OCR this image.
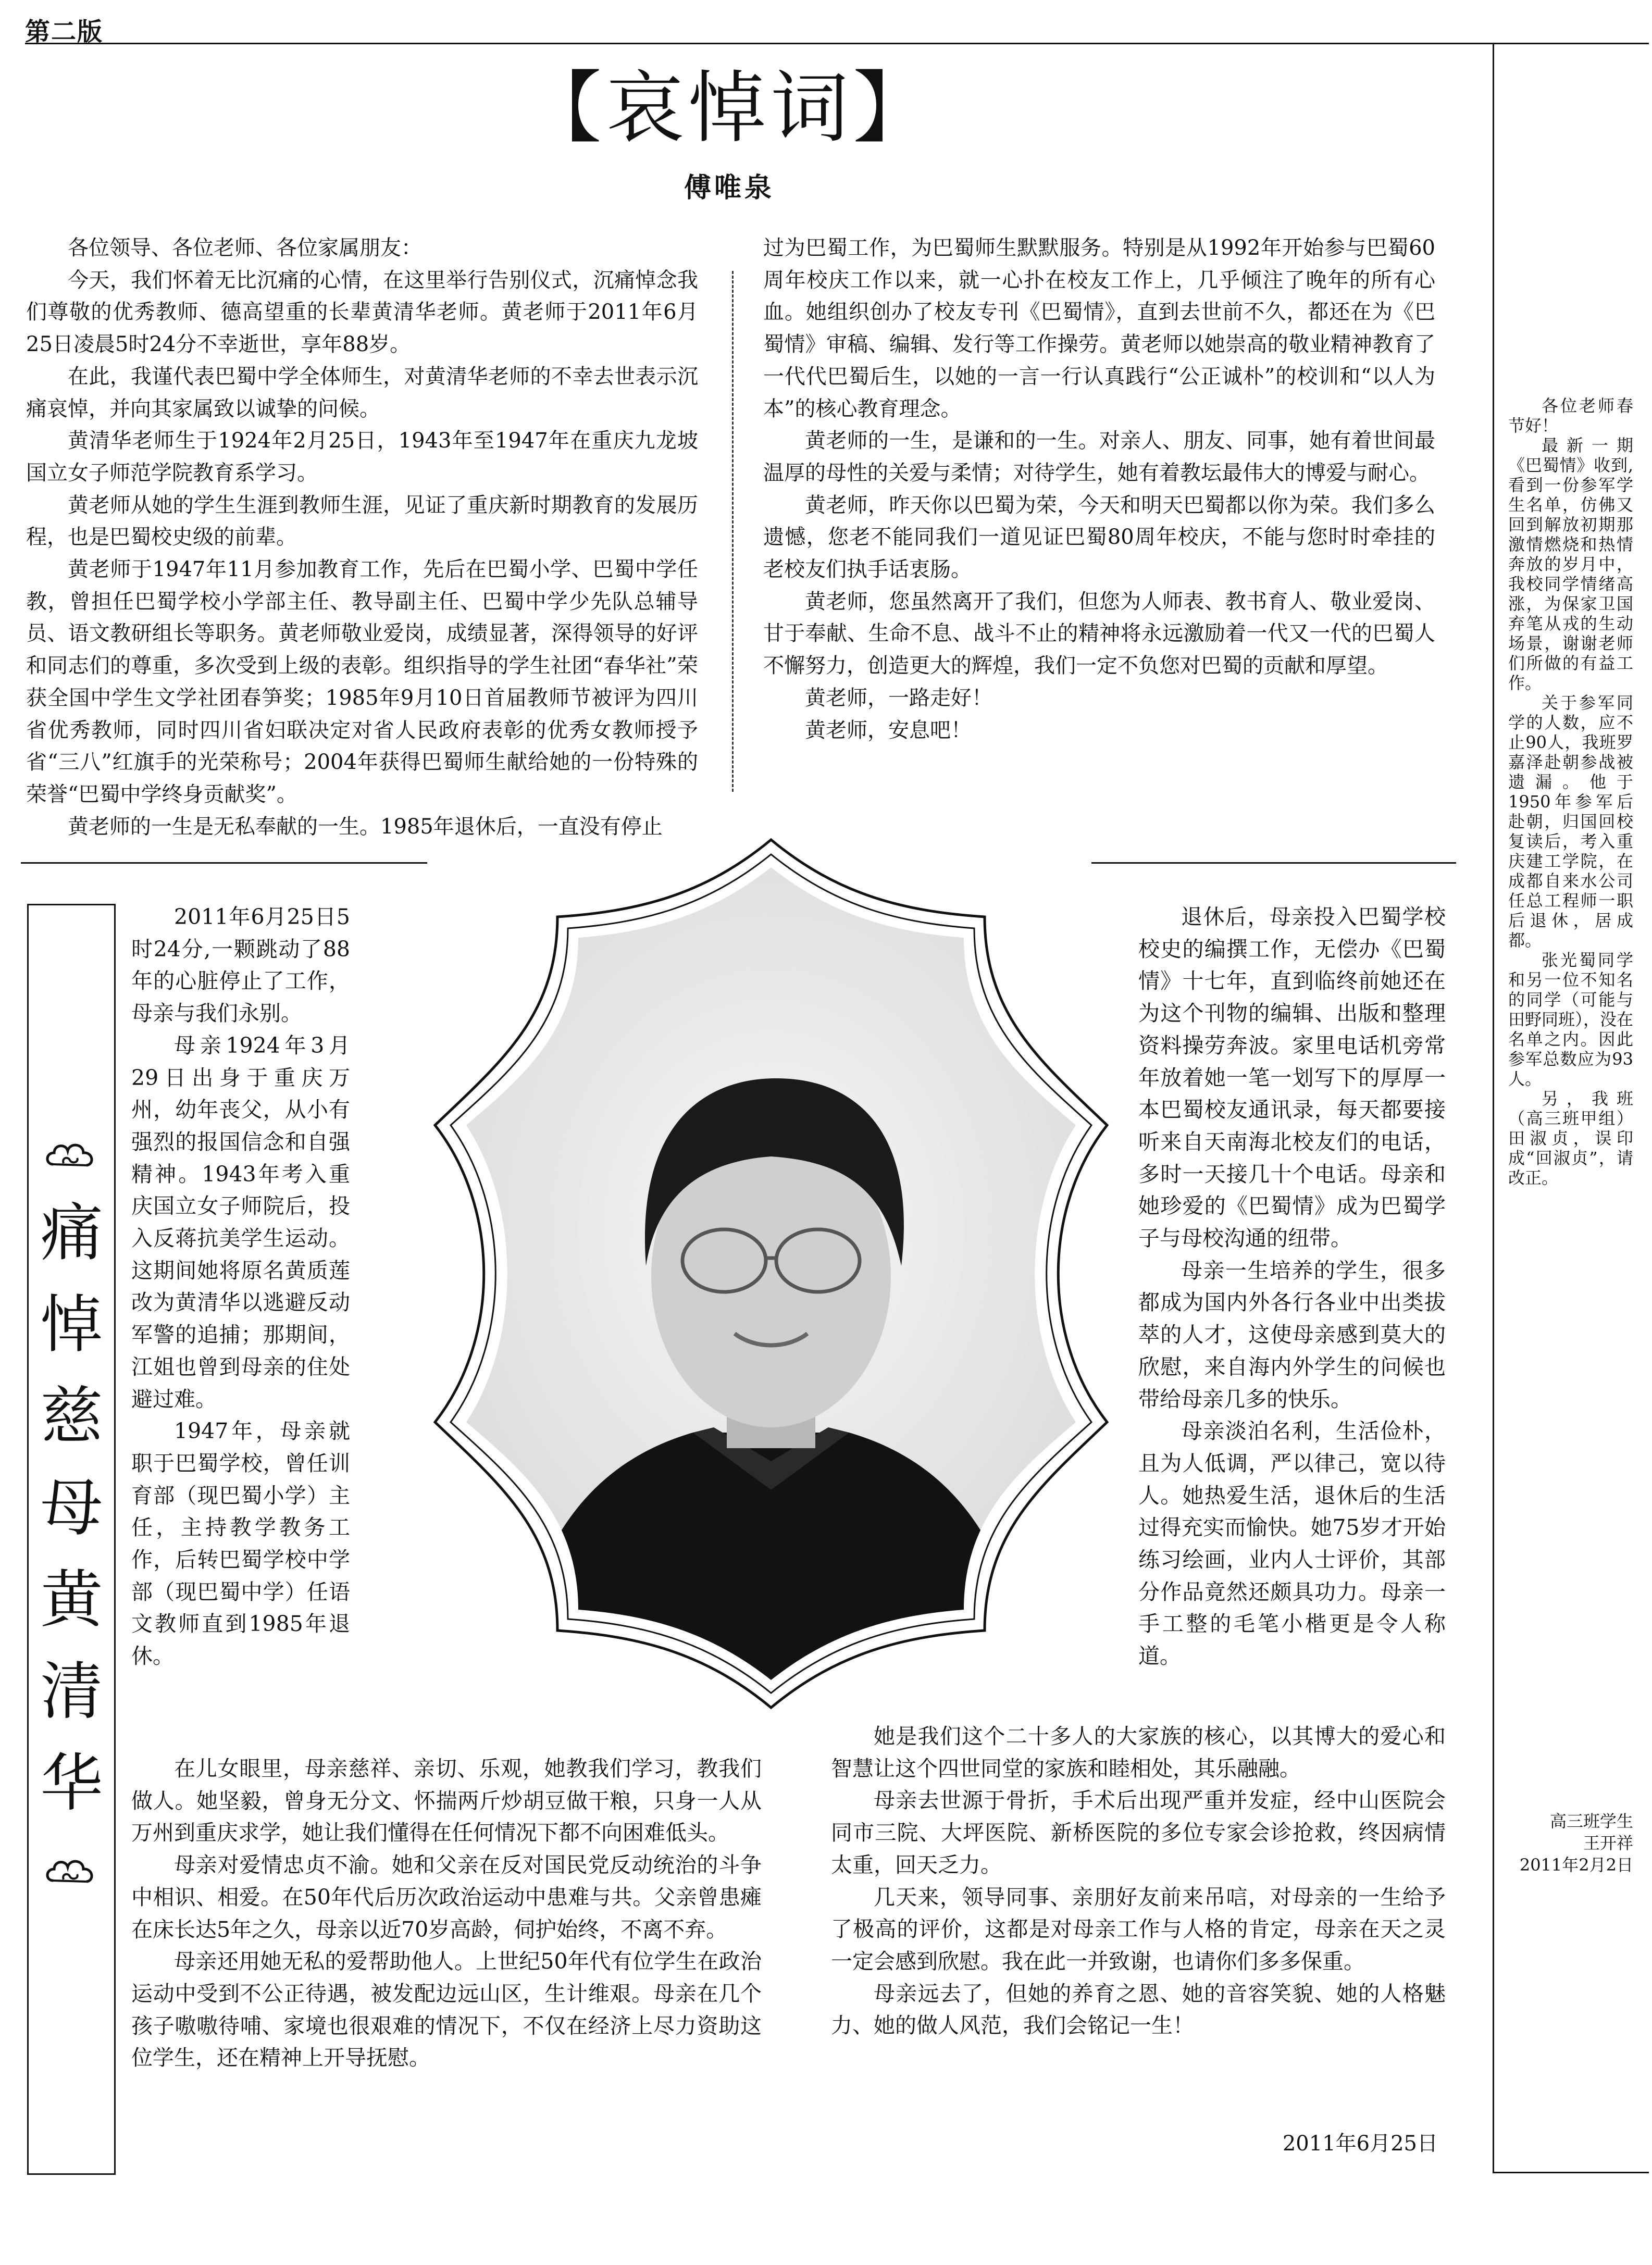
第二版
【哀悼词】
傅唯泉

各位领导、各位老师、各位家属朋友：

今天，我们怀着无比沉痛的心情，在这里举行告别仪式，沉痛悼念我们尊敬的优秀教师、德高望重的长辈黄清华老师。黄老师于2011年6月25日凌晨5时24分不幸逝世，享年88岁。

在此，我谨代表巴蜀中学全体师生，对黄清华老师的不幸去世表示沉痛哀悼，并向其家属致以诚挚的问候。

黄清华老师生于1924年2月25日，1943年至1947年在重庆九龙坡国立女子师范学院教育系学习。

黄老师从她的学生生涯到教师生涯，见证了重庆新时期教育的发展历程，也是巴蜀校史级的前辈。

黄老师于1947年11月参加教育工作，先后在巴蜀小学、巴蜀中学任教，曾担任巴蜀学校小学部主任、教导副主任、巴蜀中学少先队总辅导员、语文教研组长等职务。黄老师敬业爱岗，成绩显著，深得领导的好评和同志们的尊重，多次受到上级的表彰。组织指导的学生社团“春华社”荣获全国中学生文学社团春笋奖；1985年9月10日首届教师节被评为四川省优秀教师，同时四川省妇联决定对省人民政府表彰的优秀女教师授予省“三八”红旗手的光荣称号；2004年获得巴蜀师生献给她的一份特殊的荣誉“巴蜀中学终身贡献奖”。

黄老师的一生是无私奉献的一生。1985年退休后，一直没有停止

过为巴蜀工作，为巴蜀师生默默服务。特别是从1992年开始参与巴蜀60周年校庆工作以来，就一心扑在校友工作上，几乎倾注了晚年的所有心血。她组织创办了校友专刊《巴蜀情》，直到去世前不久，都还在为《巴蜀情》审稿、编辑、发行等工作操劳。黄老师以她崇高的敬业精神教育了一代代巴蜀后生，以她的一言一行认真践行“公正诚朴”的校训和“以人为本”的核心教育理念。

黄老师的一生，是谦和的一生。对亲人、朋友、同事，她有着世间最温厚的母性的关爱与柔情；对待学生，她有着教坛最伟大的博爱与耐心。

黄老师，昨天你以巴蜀为荣，今天和明天巴蜀都以你为荣。我们多么遗憾，您老不能同我们一道见证巴蜀80周年校庆，不能与您时时牵挂的老校友们执手话衷肠。

黄老师，您虽然离开了我们，但您为人师表、教书育人、敬业爱岗、甘于奉献、生命不息、战斗不止的精神将永远激励着一代又一代的巴蜀人不懈努力，创造更大的辉煌，我们一定不负您对巴蜀的贡献和厚望。

黄老师，一路走好！

黄老师，安息吧！

各位老师春节好！

最新一期《巴蜀情》收到,看到一份参军学生名单，仿佛又回到解放初期那激情燃烧和热情奔放的岁月中，我校同学情绪高涨，为保家卫国弃笔从戎的生动场景，谢谢老师们所做的有益工作。

关于参军同学的人数，应不止90人，我班罗嘉泽赴朝参战被遗漏。他于1950年参军后赴朝，归国回校复读后，考入重庆建工学院，在成都自来水公司任总工程师一职后退休，居成都。

张光蜀同学和另一位不知名的同学（可能与田野同班），没在名单之内。因此参军总数应为93人。

另，我班（高三班甲组）田淑贞，误印成“回淑贞”，请改正。

高三班学生
王开祥
2011年2月2日
痛
悼
慈
母
黄
清
华

2011年6月25日5时24分,一颗跳动了88年的心脏停止了工作，母亲与我们永别。

母亲1924年3月29日出身于重庆万州，幼年丧父，从小有强烈的报国信念和自强精神。1943年考入重庆国立女子师院后，投入反蒋抗美学生运动。这期间她将原名黄质莲改为黄清华以逃避反动军警的追捕；那期间，江姐也曾到母亲的住处避过难。

1947年，母亲就职于巴蜀学校，曾任训育部（现巴蜀小学）主任，主持教学教务工作，后转巴蜀学校中学部（现巴蜀中学）任语文教师直到1985年退休。

退休后，母亲投入巴蜀学校校史的编撰工作，无偿办《巴蜀情》十七年，直到临终前她还在为这个刊物的编辑、出版和整理资料操劳奔波。家里电话机旁常年放着她一笔一划写下的厚厚一本巴蜀校友通讯录，每天都要接听来自天南海北校友们的电话，多时一天接几十个电话。母亲和她珍爱的《巴蜀情》成为巴蜀学子与母校沟通的纽带。

母亲一生培养的学生，很多都成为国内外各行各业中出类拔萃的人才，这使母亲感到莫大的欣慰，来自海内外学生的问候也带给母亲几多的快乐。

母亲淡泊名利，生活俭朴，且为人低调，严以律己，宽以待人。她热爱生活，退休后的生活过得充实而愉快。她75岁才开始练习绘画，业内人士评价，其部分作品竟然还颇具功力。母亲一手工整的毛笔小楷更是令人称道。

在儿女眼里，母亲慈祥、亲切、乐观，她教我们学习，教我们做人。她坚毅，曾身无分文、怀揣两斤炒胡豆做干粮，只身一人从万州到重庆求学，她让我们懂得在任何情况下都不向困难低头。

母亲对爱情忠贞不渝。她和父亲在反对国民党反动统治的斗争中相识、相爱。在50年代后历次政治运动中患难与共。父亲曾患瘫在床长达5年之久，母亲以近70岁高龄，伺护始终，不离不弃。

母亲还用她无私的爱帮助他人。上世纪50年代有位学生在政治运动中受到不公正待遇，被发配边远山区，生计维艰。母亲在几个孩子嗷嗷待哺、家境也很艰难的情况下，不仅在经济上尽力资助这位学生，还在精神上开导抚慰。

她是我们这个二十多人的大家族的核心，以其博大的爱心和智慧让这个四世同堂的家族和睦相处，其乐融融。

母亲去世源于骨折，手术后出现严重并发症，经中山医院会同市三院、大坪医院、新桥医院的多位专家会诊抢救，终因病情太重，回天乏力。

几天来，领导同事、亲朋好友前来吊唁，对母亲的一生给予了极高的评价，这都是对母亲工作与人格的肯定，母亲在天之灵一定会感到欣慰。我在此一并致谢，也请你们多多保重。

母亲远去了，但她的养育之恩、她的音容笑貌、她的人格魅力、她的做人风范，我们会铭记一生！

2011年6月25日
